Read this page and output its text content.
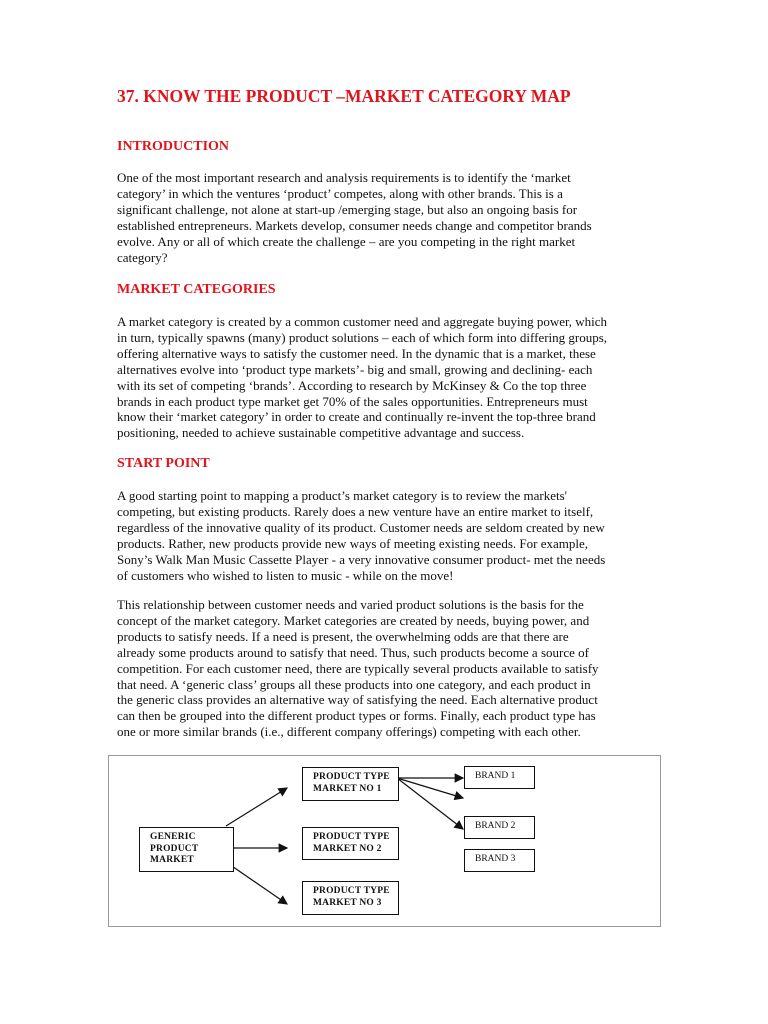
37. KNOW THE PRODUCT –MARKET CATEGORY MAP
INTRODUCTION
One of the most important research and analysis requirements is to identify the ‘market
category’ in which the ventures ‘product’ competes, along with other brands. This is a
significant challenge, not alone at start-up /emerging stage, but also an ongoing basis for
established entrepreneurs. Markets develop, consumer needs change and competitor brands
evolve. Any or all of which create the challenge – are you competing in the right market
category?
MARKET CATEGORIES
A market category is created by a common customer need and aggregate buying power, which
in turn, typically spawns (many) product solutions – each of which form into differing groups,
offering alternative ways to satisfy the customer need. In the dynamic that is a market, these
alternatives evolve into ‘product type markets’- big and small, growing and declining- each
with its set of competing ‘brands’. According to research by McKinsey & Co the top three
brands in each product type market get 70% of the sales opportunities. Entrepreneurs must
know their ‘market category’ in order to create and continually re-invent the top-three brand
positioning, needed to achieve sustainable competitive advantage and success.
START POINT
A good starting point to mapping a product’s market category is to review the markets'
competing, but existing products. Rarely does a new venture have an entire market to itself,
regardless of the innovative quality of its product. Customer needs are seldom created by new
products. Rather, new products provide new ways of meeting existing needs. For example,
Sony’s Walk Man Music Cassette Player - a very innovative consumer product- met the needs
of customers who wished to listen to music - while on the move!
This relationship between customer needs and varied product solutions is the basis for the
concept of the market category. Market categories are created by needs, buying power, and
products to satisfy needs. If a need is present, the overwhelming odds are that there are
already some products around to satisfy that need. Thus, such products become a source of
competition. For each customer need, there are typically several products available to satisfy
that need. A ‘generic class’ groups all these products into one category, and each product in
the generic class provides an alternative way of satisfying the need. Each alternative product
can then be grouped into the different product types or forms. Finally, each product type has
one or more similar brands (i.e., different company offerings) competing with each other.
GENERIC
PRODUCT
MARKET
PRODUCT TYPE
MARKET NO 1
PRODUCT TYPE
MARKET NO 2
PRODUCT TYPE
MARKET NO 3
BRAND 1
BRAND 2
BRAND 3
